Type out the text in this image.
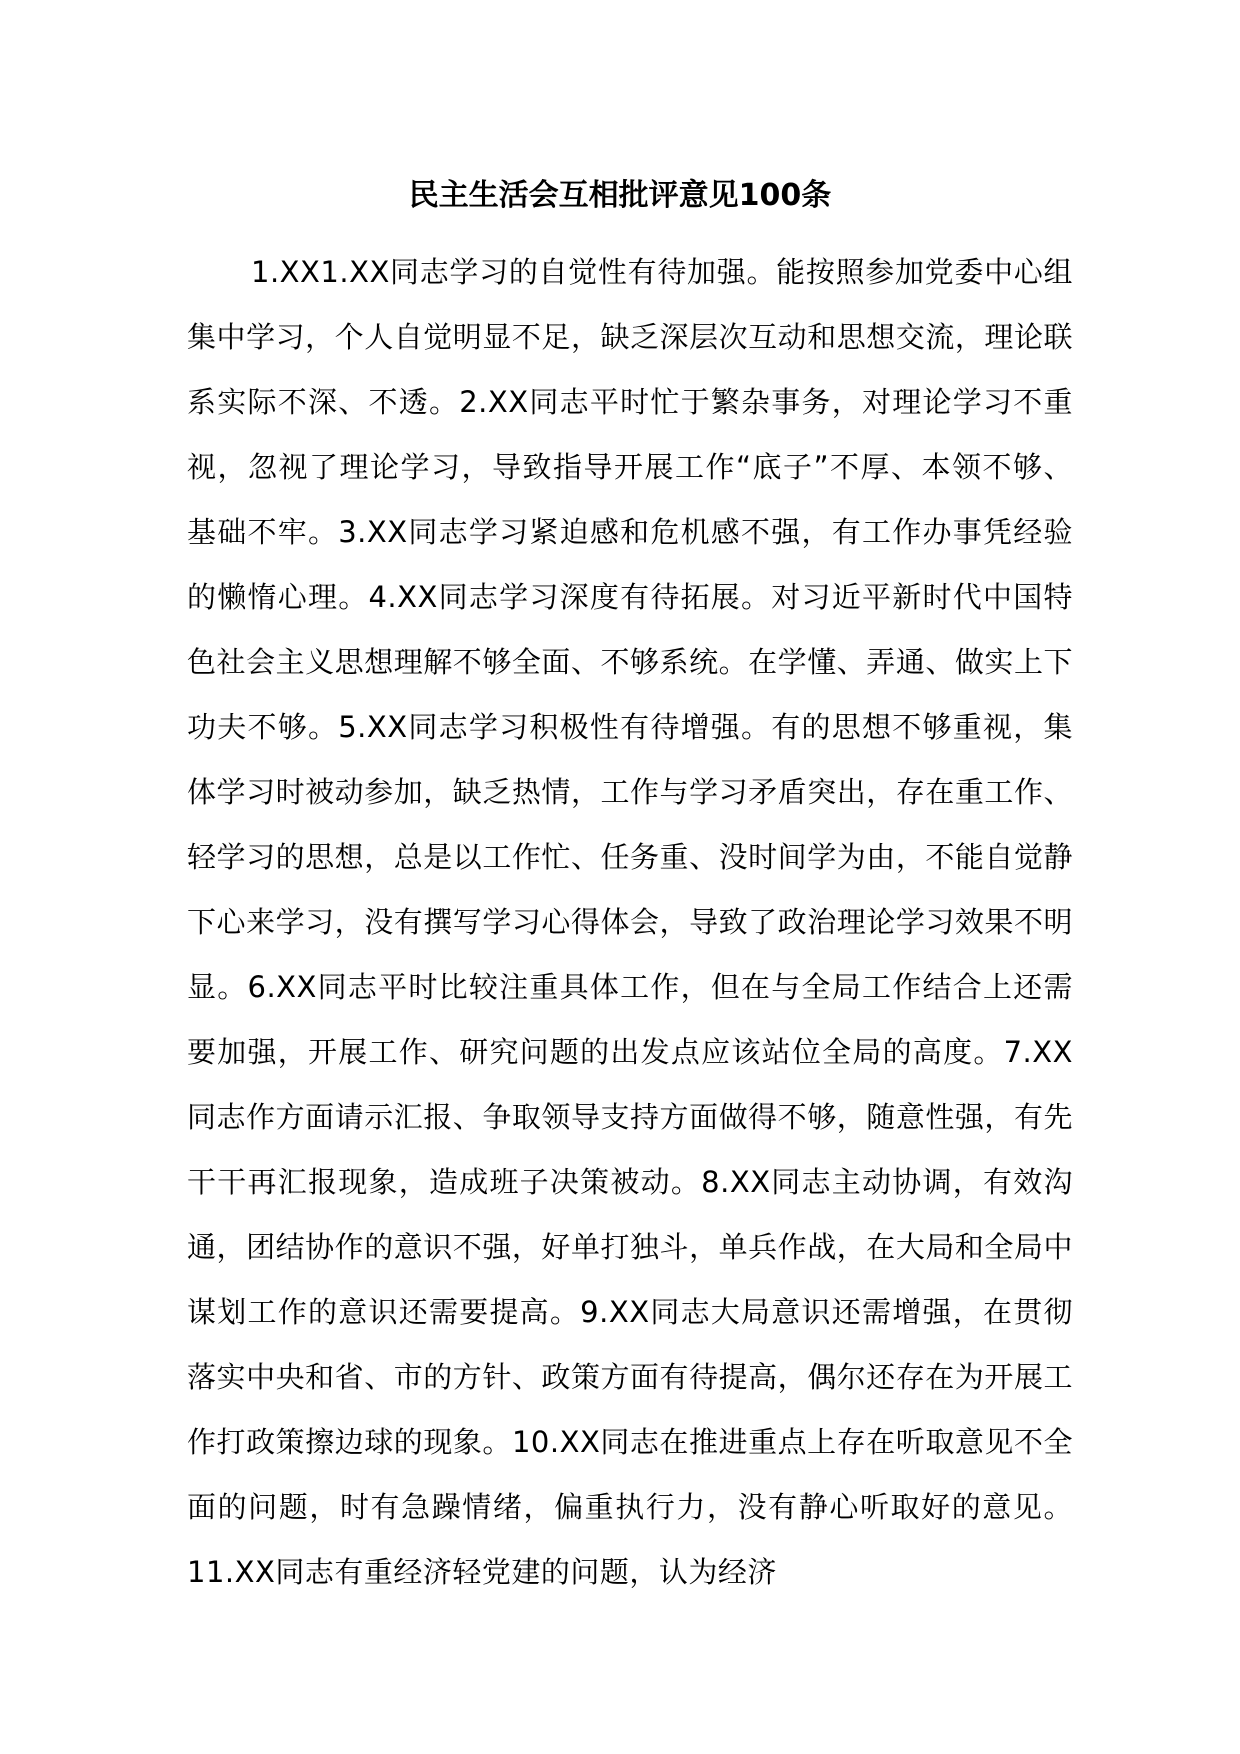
民主生活会互相批评意见100条

1.XX1.XX同志学习的自觉性有待加强。能按照参加党委中心组集中学习，个人自觉明显不足，缺乏深层次互动和思想交流，理论联系实际不深、不透。2.XX同志平时忙于繁杂事务，对理论学习不重视，忽视了理论学习，导致指导开展工作“底子”不厚、本领不够、基础不牢。3.XX同志学习紧迫感和危机感不强，有工作办事凭经验的懒惰心理。4.XX同志学习深度有待拓展。对习近平新时代中国特色社会主义思想理解不够全面、不够系统。在学懂、弄通、做实上下功夫不够。5.XX同志学习积极性有待增强。有的思想不够重视，集体学习时被动参加，缺乏热情，工作与学习矛盾突出，存在重工作、轻学习的思想，总是以工作忙、任务重、没时间学为由，不能自觉静下心来学习，没有撰写学习心得体会，导致了政治理论学习效果不明显。6.XX同志平时比较注重具体工作，但在与全局工作结合上还需要加强，开展工作、研究问题的出发点应该站位全局的高度。7.XX同志作方面请示汇报、争取领导支持方面做得不够，随意性强，有先干干再汇报现象，造成班子决策被动。8.XX同志主动协调，有效沟通，团结协作的意识不强，好单打独斗，单兵作战，在大局和全局中谋划工作的意识还需要提高。9.XX同志大局意识还需增强，在贯彻落实中央和省、市的方针、政策方面有待提高，偶尔还存在为开展工作打政策擦边球的现象。10.XX同志在推进重点上存在听取意见不全面的问题，时有急躁情绪，偏重执行力，没有静心听取好的意见。11.XX同志有重经济轻党建的问题，认为经济
